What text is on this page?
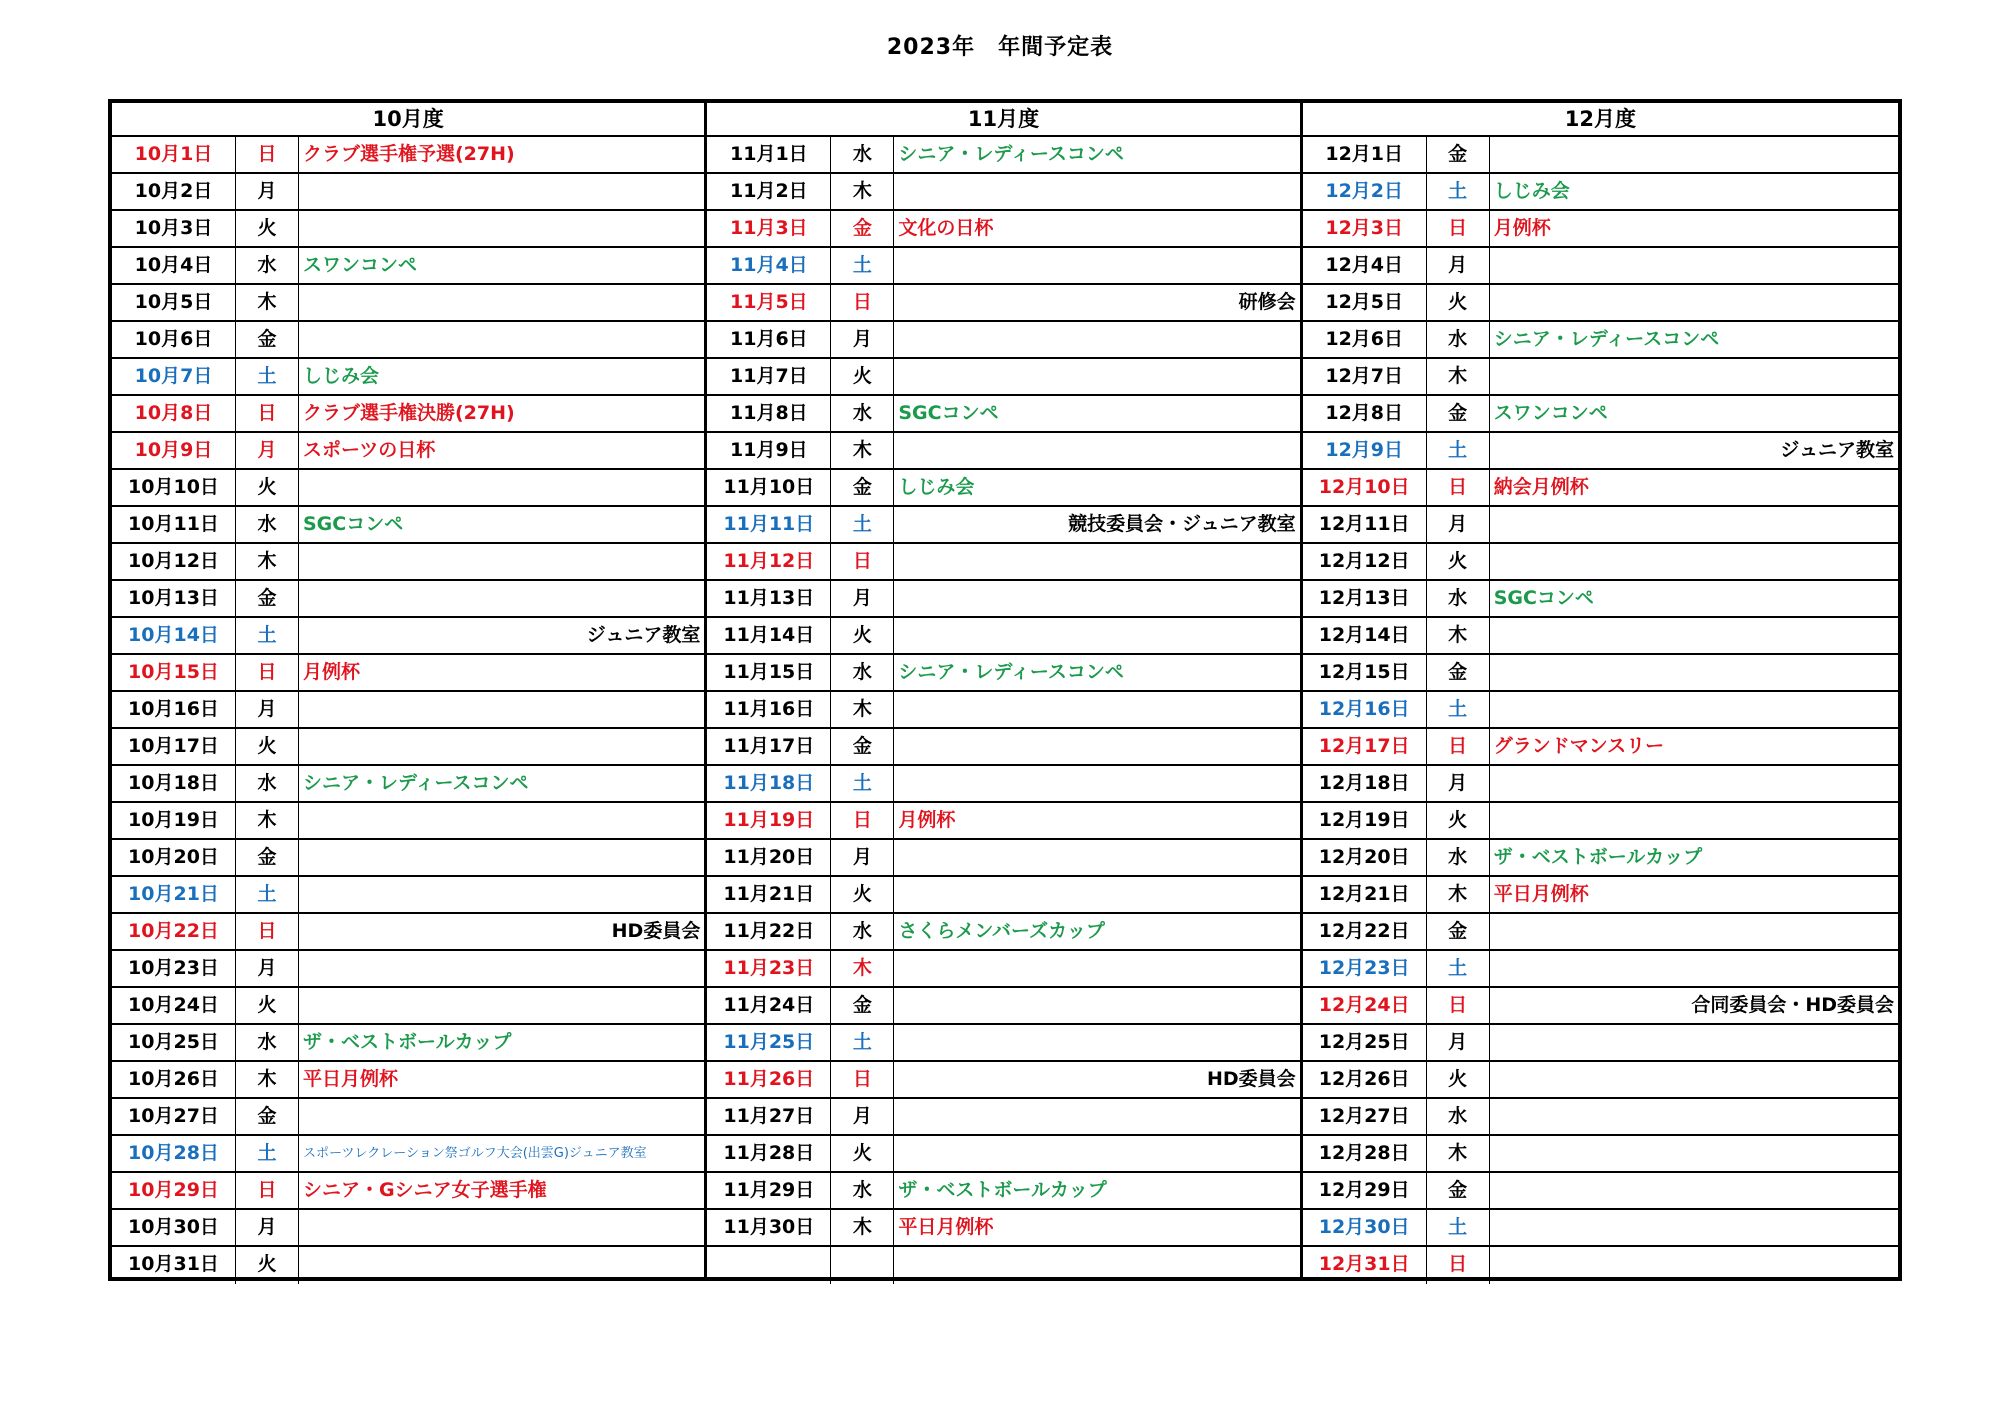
2023年　年間予定表
10月度
10月1日	日	クラブ選手権予選(27H)
10月2日	月
10月3日	火
10月4日	水	スワンコンペ
10月5日	木
10月6日	金
10月7日	土	しじみ会
10月8日	日	クラブ選手権決勝(27H)
10月9日	月	スポーツの日杯
10月10日	火
10月11日	水	SGCコンペ
10月12日	木
10月13日	金
10月14日	土	ジュニア教室
10月15日	日	月例杯
10月16日	月
10月17日	火
10月18日	水	シニア・レディースコンペ
10月19日	木
10月20日	金
10月21日	土
10月22日	日	HD委員会
10月23日	月
10月24日	火
10月25日	水	ザ・ベストボールカップ
10月26日	木	平日月例杯
10月27日	金
10月28日	土	スポーツレクレーション祭ゴルフ大会(出雲G)ジュニア教室
10月29日	日	シニア・Gシニア女子選手権
10月30日	月
10月31日	火
11月度
11月1日	水	シニア・レディースコンペ
11月2日	木
11月3日	金	文化の日杯
11月4日	土
11月5日	日	研修会
11月6日	月
11月7日	火
11月8日	水	SGCコンペ
11月9日	木
11月10日	金	しじみ会
11月11日	土	競技委員会・ジュニア教室
11月12日	日
11月13日	月
11月14日	火
11月15日	水	シニア・レディースコンペ
11月16日	木
11月17日	金
11月18日	土
11月19日	日	月例杯
11月20日	月
11月21日	火
11月22日	水	さくらメンバーズカップ
11月23日	木
11月24日	金
11月25日	土
11月26日	日	HD委員会
11月27日	月
11月28日	火
11月29日	水	ザ・ベストボールカップ
11月30日	木	平日月例杯
12月度
12月1日	金
12月2日	土	しじみ会
12月3日	日	月例杯
12月4日	月
12月5日	火
12月6日	水	シニア・レディースコンペ
12月7日	木
12月8日	金	スワンコンペ
12月9日	土	ジュニア教室
12月10日	日	納会月例杯
12月11日	月
12月12日	火
12月13日	水	SGCコンペ
12月14日	木
12月15日	金
12月16日	土
12月17日	日	グランドマンスリー
12月18日	月
12月19日	火
12月20日	水	ザ・ベストボールカップ
12月21日	木	平日月例杯
12月22日	金
12月23日	土
12月24日	日	合同委員会・HD委員会
12月25日	月
12月26日	火
12月27日	水
12月28日	木
12月29日	金
12月30日	土
12月31日	日
